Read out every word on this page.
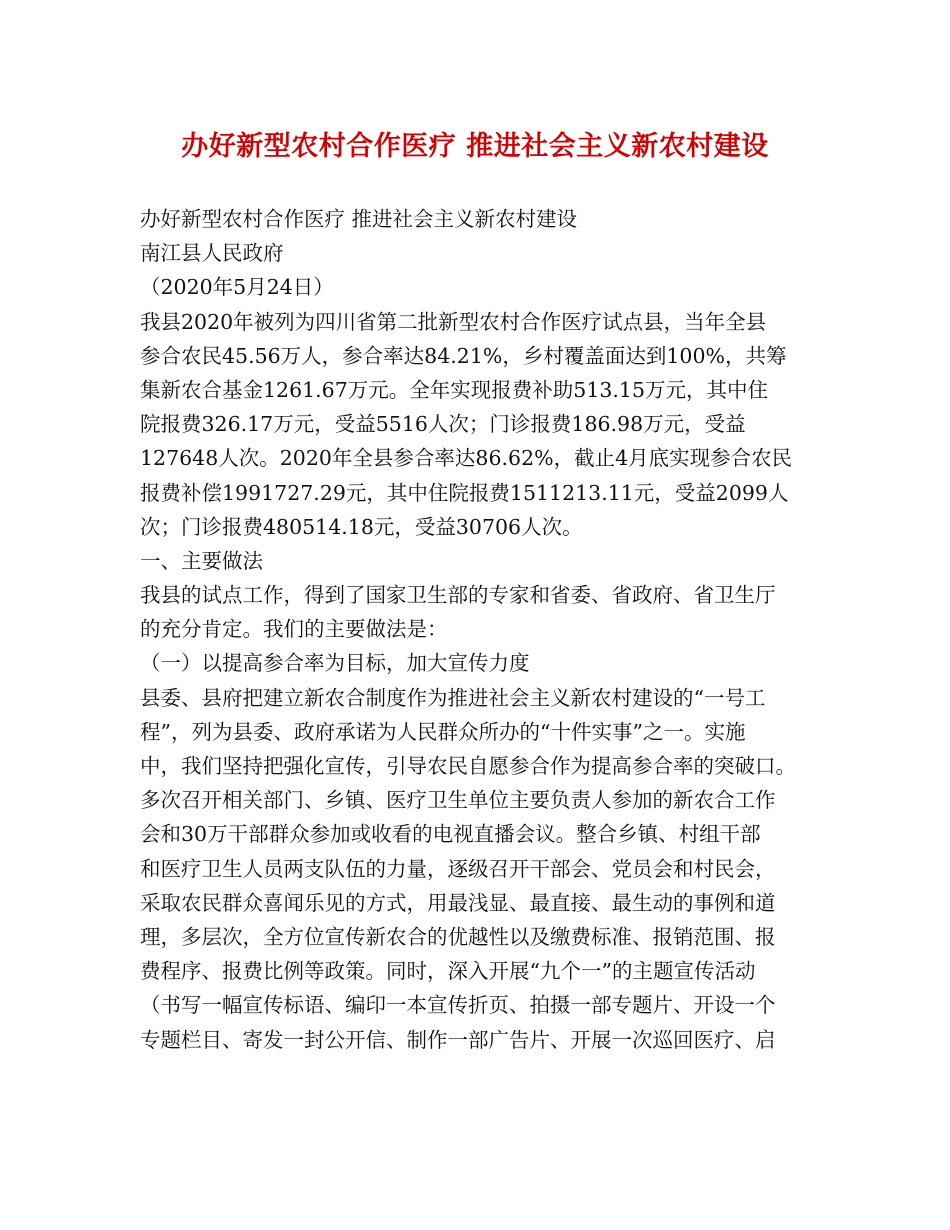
办好新型农村合作医疗 推进社会主义新农村建设
办好新型农村合作医疗 推进社会主义新农村建设
南江县人民政府
（2020年5月24日）
我县2020年被列为四川省第二批新型农村合作医疗试点县，当年全县
参合农民45.56万人，参合率达84.21%，乡村覆盖面达到100%，共筹
集新农合基金1261.67万元。全年实现报费补助513.15万元，其中住
院报费326.17万元，受益5516人次；门诊报费186.98万元，受益
127648人次。2020年全县参合率达86.62%，截止4月底实现参合农民
报费补偿1991727.29元，其中住院报费1511213.11元，受益2099人
次；门诊报费480514.18元，受益30706人次。
一、主要做法
我县的试点工作，得到了国家卫生部的专家和省委、省政府、省卫生厅
的充分肯定。我们的主要做法是：
（一）以提高参合率为目标，加大宣传力度
县委、县府把建立新农合制度作为推进社会主义新农村建设的“一号工
程”，列为县委、政府承诺为人民群众所办的“十件实事”之一。实施
中，我们坚持把强化宣传，引导农民自愿参合作为提高参合率的突破口。
多次召开相关部门、乡镇、医疗卫生单位主要负责人参加的新农合工作
会和30万干部群众参加或收看的电视直播会议。整合乡镇、村组干部
和医疗卫生人员两支队伍的力量，逐级召开干部会、党员会和村民会，
采取农民群众喜闻乐见的方式，用最浅显、最直接、最生动的事例和道
理，多层次，全方位宣传新农合的优越性以及缴费标准、报销范围、报
费程序、报费比例等政策。同时，深入开展“九个一”的主题宣传活动
（书写一幅宣传标语、编印一本宣传折页、拍摄一部专题片、开设一个
专题栏目、寄发一封公开信、制作一部广告片、开展一次巡回医疗、启
